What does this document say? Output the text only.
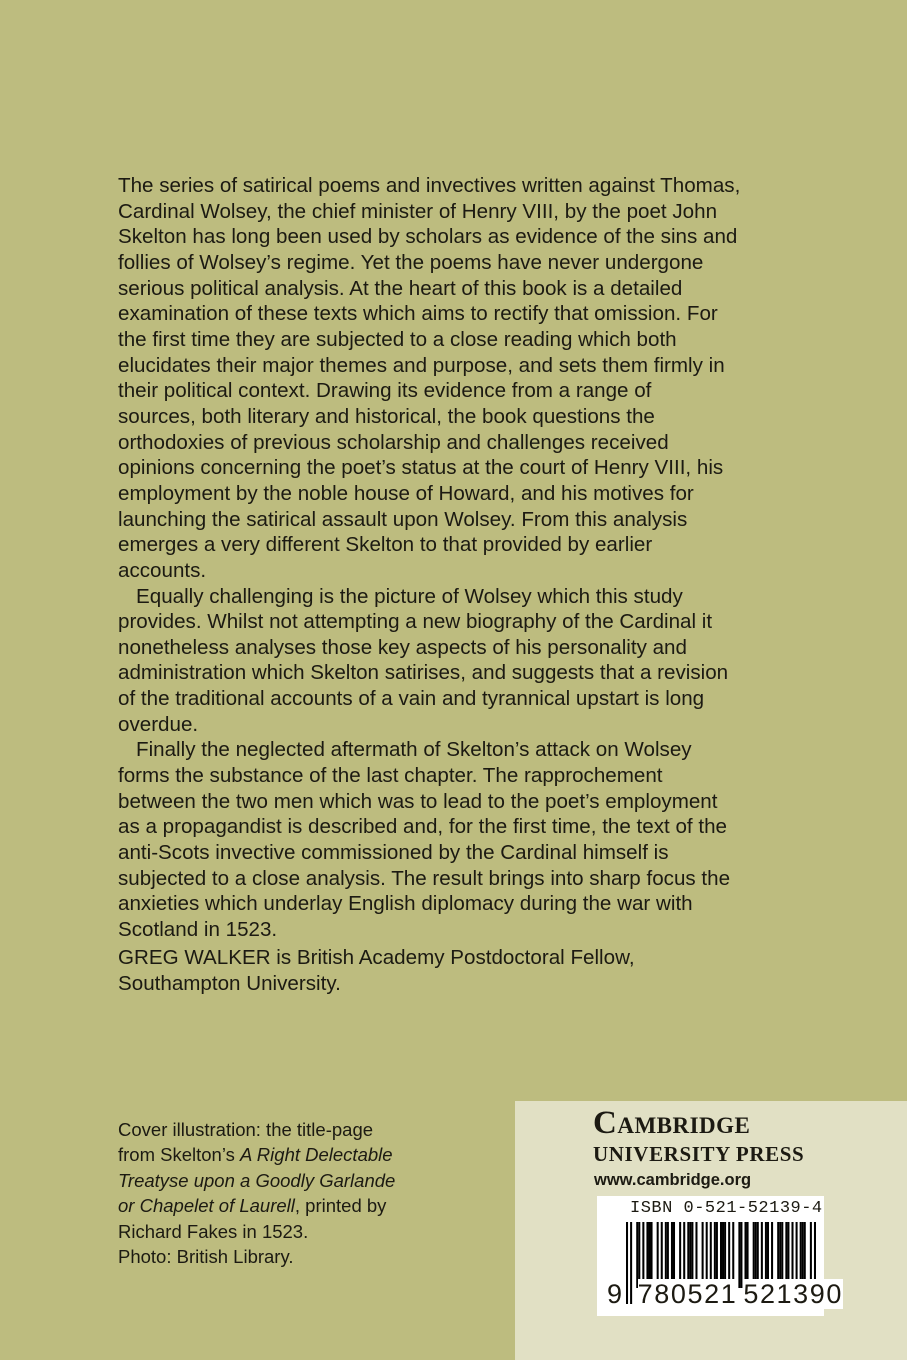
The series of satirical poems and invectives written against Thomas,
Cardinal Wolsey, the chief minister of Henry VIII, by the poet John
Skelton has long been used by scholars as evidence of the sins and
follies of Wolsey’s regime. Yet the poems have never undergone
serious political analysis. At the heart of this book is a detailed
examination of these texts which aims to rectify that omission. For
the first time they are subjected to a close reading which both
elucidates their major themes and purpose, and sets them firmly in
their political context. Drawing its evidence from a range of
sources, both literary and historical, the book questions the
orthodoxies of previous scholarship and challenges received
opinions concerning the poet’s status at the court of Henry VIII, his
employment by the noble house of Howard, and his motives for
launching the satirical assault upon Wolsey. From this analysis
emerges a very different Skelton to that provided by earlier
accounts.
Equally challenging is the picture of Wolsey which this study
provides. Whilst not attempting a new biography of the Cardinal it
nonetheless analyses those key aspects of his personality and
administration which Skelton satirises, and suggests that a revision
of the traditional accounts of a vain and tyrannical upstart is long
overdue.
Finally the neglected aftermath of Skelton’s attack on Wolsey
forms the substance of the last chapter. The rapprochement
between the two men which was to lead to the poet’s employment
as a propagandist is described and, for the first time, the text of the
anti-Scots invective commissioned by the Cardinal himself is
subjected to a close analysis. The result brings into sharp focus the
anxieties which underlay English diplomacy during the war with
Scotland in 1523.
GREG WALKER is British Academy Postdoctoral Fellow,
Southampton University.
Cover illustration: the title-page
from Skelton’s A Right Delectable
Treatyse upon a Goodly Garlande
or Chapelet of Laurell, printed by
Richard Fakes in 1523.
Photo: British Library.
Cambridge
UNIVERSITY PRESS
www.cambridge.org
ISBN 0-521-52139-4
9 780521 521390
